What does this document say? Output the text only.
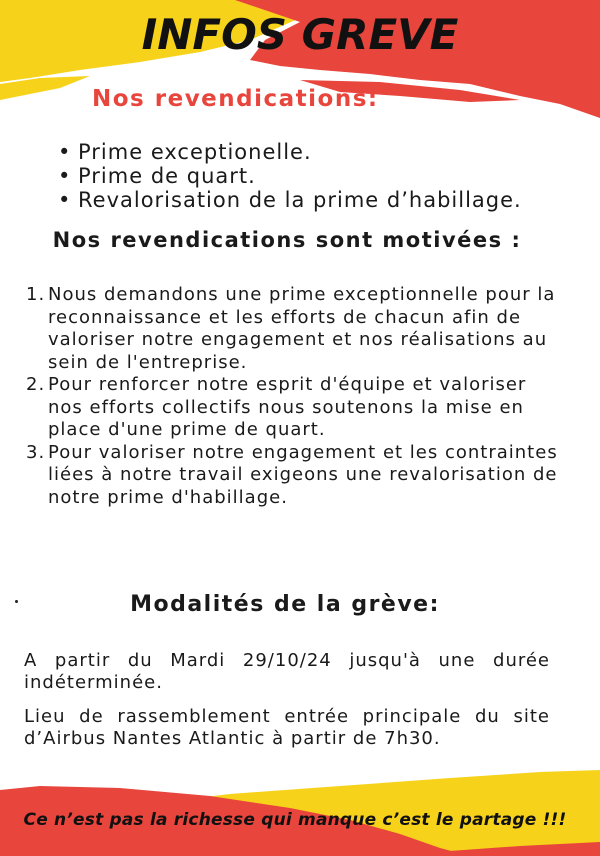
INFOS GREVE
Nos revendications:
• Prime exceptionelle.
• Prime de quart.
• Revalorisation de la prime d’habillage.
Nos revendications sont motivées :
1. Nous demandons une prime exceptionnelle pour la reconnaissance et les efforts de chacun afin de valoriser notre engagement et nos réalisations au sein de l'entreprise.
2. Pour renforcer notre esprit d'équipe et valoriser nos efforts collectifs nous soutenons la mise en place d'une prime de quart.
3. Pour valoriser notre engagement et les contraintes liées à notre travail exigeons une revalorisation de notre prime d'habillage.
Modalités de la grève:

A partir du Mardi 29/10/24 jusqu'à une durée indéterminée.

Lieu de rassemblement entrée principale du site d’Airbus Nantes Atlantic à partir de 7h30.

Ce n’est pas la richesse qui manque c’est le partage !!!
